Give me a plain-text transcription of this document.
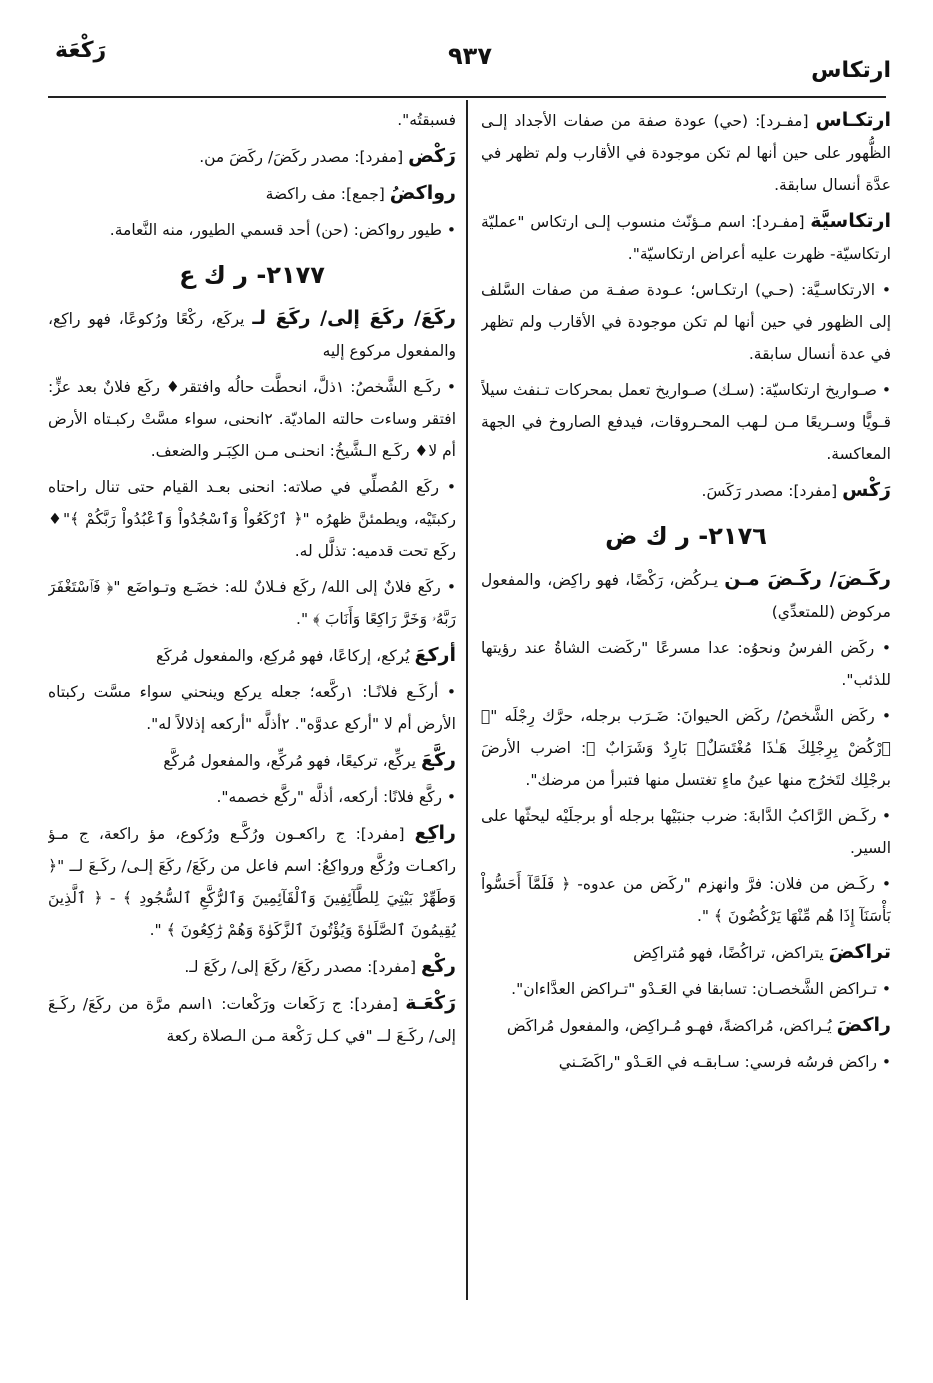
ارتكاس
٩٣٧
رَكْعَة

ارتكـاس [مفـرد]: (حي) عودة صفة من صفات الأجداد إلـى الظُّهور على حين أنها لم تكن موجودة في الأقارب ولم تظهر في عدَّة أنسال سابقة.

ارتكاسيَّة [مفـرد]: اسم مـؤنّث منسوب إلـى ارتكاس "عمليّة ارتكاسيّة- ظهرت عليه أعراض ارتكاسيّة".

• الارتكاسـيَّة: (حـي) ارتكـاس؛ عـودة صفـة من صفات السَّلف إلى الظهور في حين أنها لم تكن موجودة في الأقارب ولم تظهر في عدة أنسال سابقة.

• صـواريخ ارتكاسيّة: (سـك) صـواريخ تعمل بمحركات تـنفث سيلاً قـويًّا وسـريعًا مـن لـهب المحـروقات، فيدفع الصاروخ في الجهة المعاكسة.

رَكْس [مفرد]: مصدر رَكَسَ.

٢١٧٦- ر ك ض

ركَـضَ/ ركَـضَ مـن يـركُض، رَكْضًا، فهو راكِض، والمفعول مركوض (للمتعدِّي)

• ركَض الفرسُ ونحوُه: عدا مسرعًا "ركَضت الشاةُ عند رؤيتها للذئب".

• ركَض الشَّخصُ/ ركَض الحيوانَ: ضَـرَب برجله، حرَّك رِجْلَه "﴿ ٱرْكُضْ بِرِجْلِكَ هَـٰذَا مُغْتَسَلٌۢ بَارِدٌ وَشَرَابٌ ﴾: اضرب الأرضَ برجْلِك لتَخرُج منها عينُ ماءٍ تغتسل منها فتبرأ من مرضك".

• ركَـض الرَّاكبُ الدَّابةَ: ضرب جنبَيْها برجله أو برجلَيْه ليحثّها على السير.

• ركَـض من فلان: فرَّ وانهزم "ركَض من عدوه- ﴿ فَلَمَّآ أَحَسُّواْ بَأْسَنَآ إِذَا هُم مِّنْهَا يَرْكُضُونَ ﴾ ".

تراكضَ يتراكض، تراكُضًا، فهو مُتراكِض

• تـراكض الشَّخصـان: تسابقا في العَـدْو "تـراكض العدَّاءان".

راكضَ يُـراكض، مُراكضةً، فهـو مُـراكِض، والمفعول مُراكَض

• راكض فرسُه فرسي: سـابقـه في العَـدْو "راكَضَـني

فسبقتُه".

رَكْض [مفرد]: مصدر ركَضَ/ ركَضَ من.

رواكضُ [جمع]: مف راكضة

• طيور رواكض: (حن) أحد قسمي الطيور، منه النَّعامة.

٢١٧٧- ر ك ع

ركَعَ/ ركَعَ إلى/ ركَعَ لـ يركَع، ركْعًا ورُكوعًا، فهو راكِع، والمفعول مركوع إليه

• ركَـع الشَّخصُ: ١ذلَّ، انحطَّت حالُه وافتقر♦ ركَع فلانٌ بعد عزٍّ: افتقر وساءت حالته الماديّة. ٢انحنى، سواء مسَّتْ ركبـتاه الأرض أم لا♦ ركَـع الـشَّيخُ: انحنـى مـن الكِبَـر والضعف.

• ركَع المُصلِّي في صلاته: انحنى بعـد القيام حتى تنال راحتاه ركبتَيْه، ويطمئنَّ ظهرُه "﴿ ٱرْكَعُواْ وَٱسْجُدُواْ وَٱعْبُدُواْ رَبَّكُمْ ﴾"♦ ركَع تحت قدميه: تذلَّل له.

• ركَع فلانٌ إلى الله/ ركَع فـلانٌ لله: خضَـع وتـواضَع "﴿ فَٱسْتَغْفَرَ رَبَّهُۥ وَخَرَّ رَاكِعًا وَأَنَابَ ﴾ ".

أركعَ يُركع، إركاعًا، فهو مُركِع، والمفعول مُركَع

• أركَـع فلانًـا: ١ركَّعه؛ جعله يركع وينحني سواء مسَّت ركبتاه الأرض أم لا "أركع عدوَّه". ٢أذلَّه "أركعه إذلالاً له".

ركَّعَ يركِّع، تركيعًا، فهو مُركِّع، والمفعول مُركَّع

• ركَّع فلانًا: أركعه، أذلَّه "ركَّع خصمه".

راكِع [مفرد]: ج راكعـون ورُكَّـع ورُكوع، مؤ راكعة، ج مـؤ راكعـات ورُكَّع ورواكِعُ: اسم فاعل من ركَعَ/ ركَعَ إلـى/ ركَـعَ لــ "﴿ وَطَهِّرْ بَيْتِيَ لِلطَّآئِفِينَ وَٱلْقَآئِمِينَ وَٱلرُّكَّعِ ٱلسُّجُودِ ﴾ - ﴿ ٱلَّذِينَ يُقِيمُونَ ٱلصَّلَوٰةَ وَيُؤْتُونَ ٱلزَّكَوٰةَ وَهُمْ رَٰكِعُونَ ﴾ ".

ركْع [مفرد]: مصدر ركَعَ/ ركَعَ إلى/ ركَعَ لـ.

رَكْعَـة [مفرد]: ج رَكَعات ورَكْعات: ١اسم مرَّة من ركَعَ/ ركَـعَ إلى/ ركَـعَ لــ "في كـل رَكْعة مـن الـصلاة ركعة
